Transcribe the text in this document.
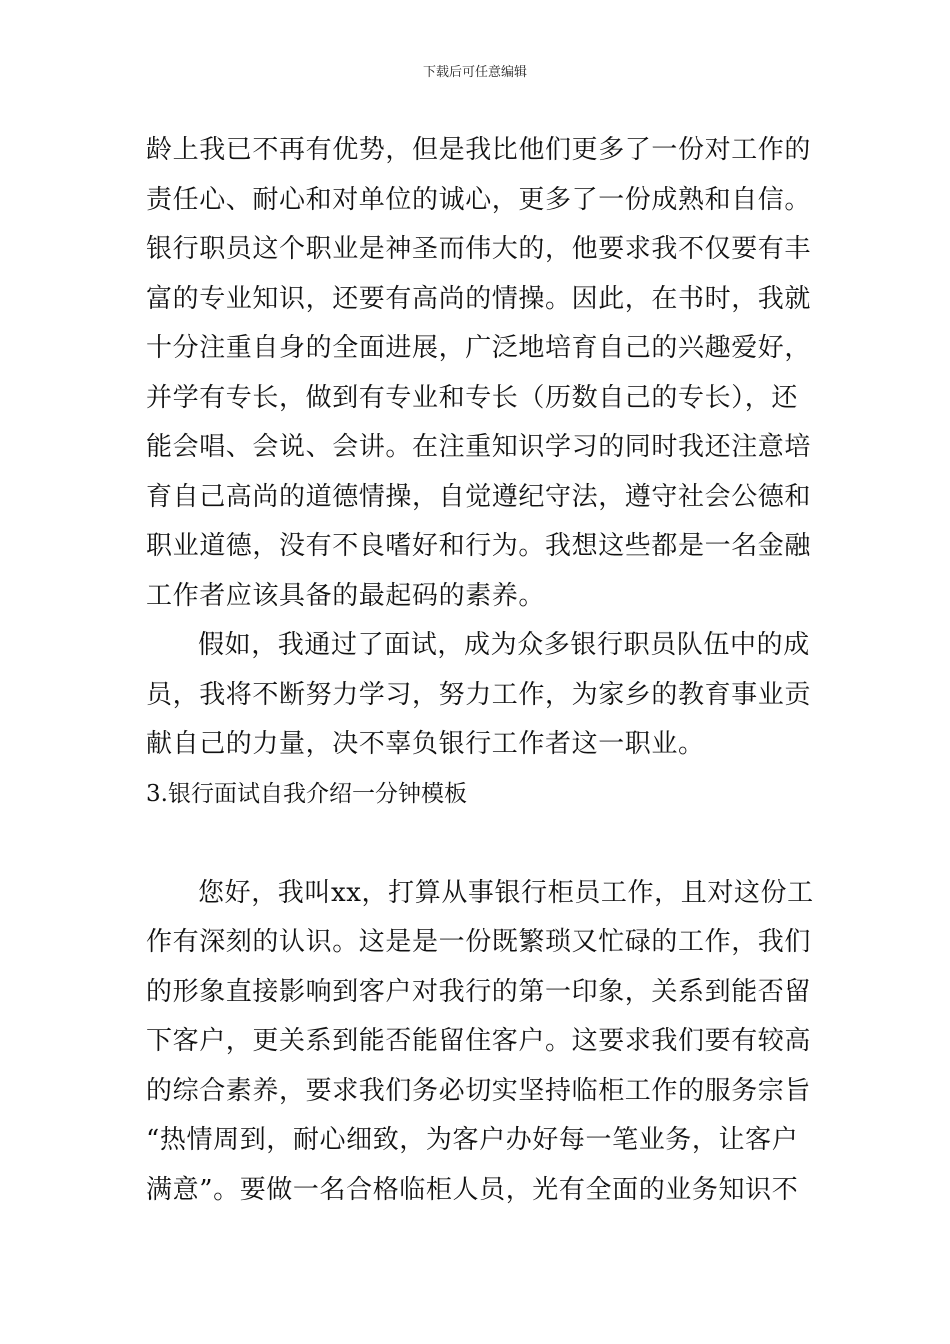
下载后可任意编辑
龄上我已不再有优势，但是我比他们更多了一份对工作的
责任心、耐心和对单位的诚心，更多了一份成熟和自信。
银行职员这个职业是神圣而伟大的，他要求我不仅要有丰
富的专业知识，还要有高尚的情操。因此，在书时，我就
十分注重自身的全面进展，广泛地培育自己的兴趣爱好，
并学有专长，做到有专业和专长（历数自己的专长），还
能会唱、会说、会讲。在注重知识学习的同时我还注意培
育自己高尚的道德情操，自觉遵纪守法，遵守社会公德和
职业道德，没有不良嗜好和行为。我想这些都是一名金融
工作者应该具备的最起码的素养。
假如，我通过了面试，成为众多银行职员队伍中的成
员，我将不断努力学习，努力工作，为家乡的教育事业贡
献自己的力量，决不辜负银行工作者这一职业。
3.银行面试自我介绍一分钟模板
您好，我叫xx，打算从事银行柜员工作，且对这份工
作有深刻的认识。这是是一份既繁琐又忙碌的工作，我们
的形象直接影响到客户对我行的第一印象，关系到能否留
下客户，更关系到能否能留住客户。这要求我们要有较高
的综合素养，要求我们务必切实坚持临柜工作的服务宗旨
“热情周到，耐心细致，为客户办好每一笔业务，让客户
满意”。要做一名合格临柜人员，光有全面的业务知识不
